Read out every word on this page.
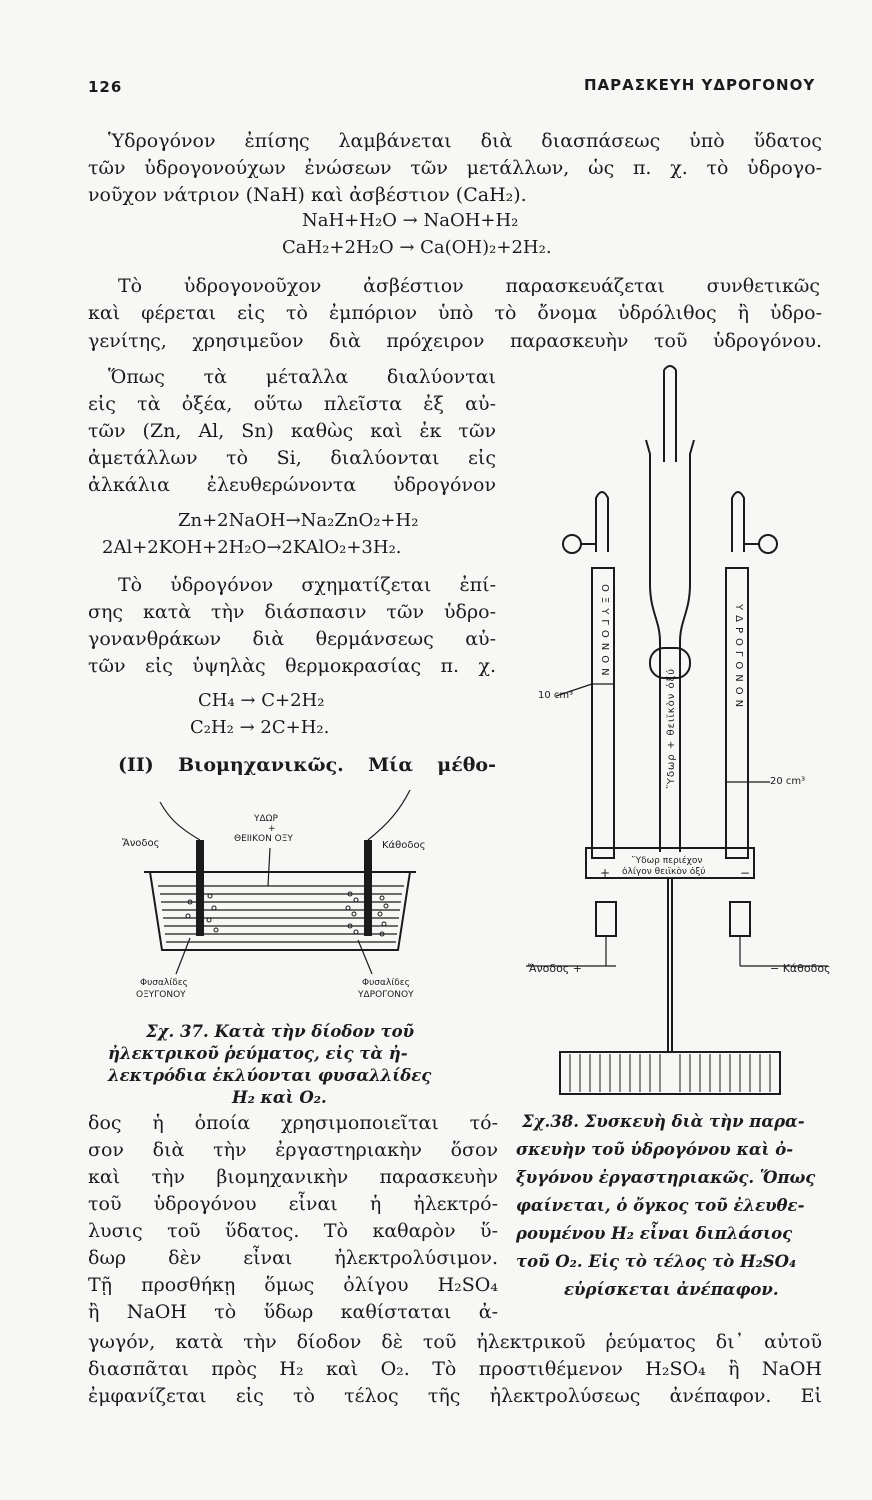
126	ΠΑΡΑΣΚΕΥΗ ΥΔΡΟΓΟΝΟΥ
Ὑδρογόνον ἐπίσης λαμβάνεται διὰ διασπάσεως ὑπὸ ὕδατος
τῶν ὑδρογονούχων ἐνώσεων τῶν μετάλλων, ὡς π. χ. τὸ ὑδρογο-
νοῦχον νάτριον (NaH) καὶ ἀσβέστιον (CaH₂).
NaH+H₂O → NaOH+H₂
CaH₂+2H₂O → Ca(OH)₂+2H₂.
Τὸ ὑδρογονοῦχον ἀσβέστιον παρασκευάζεται συνθετικῶς
καὶ φέρεται εἰς τὸ ἐμπόριον ὑπὸ τὸ ὄνομα ὑδρόλιθος ἢ ὑδρο-
γενίτης, χρησιμεῦον διὰ πρόχειρον παρασκευὴν τοῦ ὑδρογόνου.
Ὅπως τὰ μέταλλα διαλύονται
εἰς τὰ ὀξέα, οὕτω πλεῖστα ἐξ αὐ-
τῶν (Zn, Al, Sn) καθὼς καὶ ἐκ τῶν
ἀμετάλλων τὸ Si, διαλύονται εἰς
ἀλκάλια ἐλευθερώνοντα ὑδρογόνον
Zn+2NaOH→Na₂ZnO₂+H₂
2Al+2KOH+2H₂O→2KAlO₂+3H₂.
Τὸ ὑδρογόνον σχηματίζεται ἐπί-
σης κατὰ τὴν διάσπασιν τῶν ὑδρο-
γονανθράκων διὰ θερμάνσεως αὐ-
τῶν εἰς ὑψηλὰς θερμοκρασίας π. χ.
CH₄ → C+2H₂
C₂H₂ → 2C+H₂.
(II) Βιομηχανικῶς. Μία μέθο-
ΥΔΩΡ
+
ΘΕΙΙΚΟΝ ΟΞΥ
Ἄνοδος	Κάθοδος
Φυσαλίδες
ΟΞΥΓΟΝΟΥ
Φυσαλίδες
ΥΔΡΟΓΟΝΟΥ
Σχ. 37. Κατὰ τὴν δίοδον τοῦ
ἠλεκτρικοῦ ῥεύματος, εἰς τὰ ἠ-
λεκτρόδια ἐκλύονται φυσαλλίδες
H₂ καὶ O₂.
ΟΞΥΓΟΝΟΝ	ΥΔΡΟΓΟΝΟΝ
Ὕδωρ + θειϊκὸν ὀξύ
10 cm³
20 cm³
Ὕδωρ περιέχον
ὀλίγον θειϊκὸν ὀξύ
+	−
Ἄνοδος +	− Κάθοδος
Σχ.38. Συσκευὴ διὰ τὴν παρα-
σκευὴν τοῦ ὑδρογόνου καὶ ὀ-
ξυγόνου ἐργαστηριακῶς. Ὅπως
φαίνεται, ὁ ὄγκος τοῦ ἐλευθε-
ρουμένου H₂ εἶναι διπλάσιος
τοῦ O₂. Εἰς τὸ τέλος τὸ H₂SO₄
εὑρίσκεται ἀνέπαφον.
δος ἡ ὁποία χρησιμοποιεῖται τό-
σον διὰ τὴν ἐργαστηριακὴν ὅσον
καὶ τὴν βιομηχανικὴν παρασκευὴν
τοῦ ὑδρογόνου εἶναι ἡ ἠλεκτρό-
λυσις τοῦ ὕδατος. Τὸ καθαρὸν ὕ-
δωρ δὲν εἶναι ἠλεκτρολύσιμον.
Τῇ προσθήκῃ ὅμως ὀλίγου H₂SO₄
ἢ NaOH τὸ ὕδωρ καθίσταται ἀ-
γωγόν, κατὰ τὴν δίοδον δὲ τοῦ ἠλεκτρικοῦ ῥεύματος δι᾽ αὐτοῦ
διασπᾶται πρὸς H₂ καὶ O₂. Τὸ προστιθέμενον H₂SO₄ ἢ NaOH
ἐμφανίζεται εἰς τὸ τέλος τῆς ἠλεκτρολύσεως ἀνέπαφον. Εἰ
